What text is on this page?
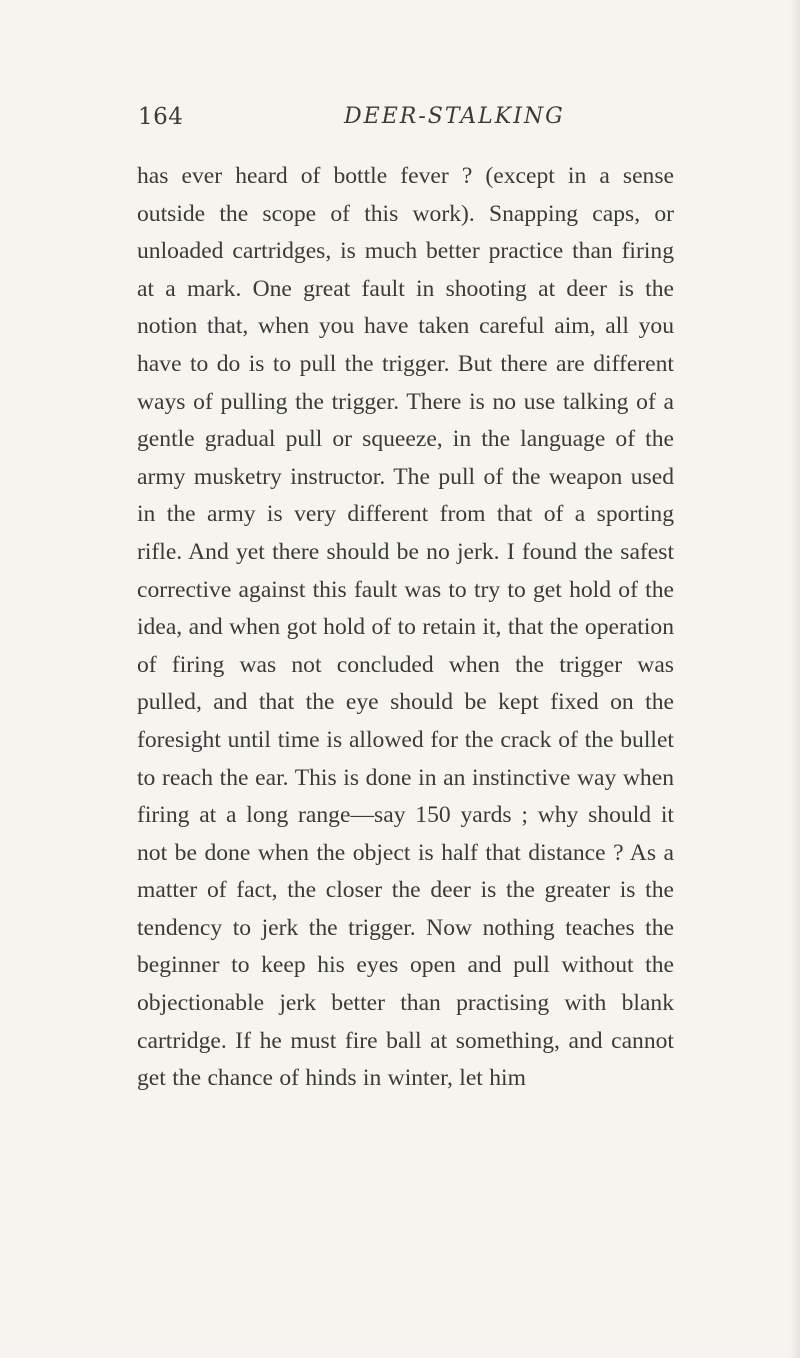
164	DEER-STALKING

has ever heard of bottle fever ? (except in a sense outside the scope of this work). Snapping caps, or unloaded cartridges, is much better practice than firing at a mark. One great fault in shooting at deer is the notion that, when you have taken careful aim, all you have to do is to pull the trigger. But there are different ways of pulling the trigger. There is no use talking of a gentle gradual pull or squeeze, in the language of the army musketry instructor. The pull of the weapon used in the army is very different from that of a sporting rifle. And yet there should be no jerk. I found the safest corrective against this fault was to try to get hold of the idea, and when got hold of to retain it, that the operation of firing was not concluded when the trigger was pulled, and that the eye should be kept fixed on the foresight until time is allowed for the crack of the bullet to reach the ear. This is done in an instinctive way when firing at a long range—say 150 yards ; why should it not be done when the object is half that distance ? As a matter of fact, the closer the deer is the greater is the tendency to jerk the trigger. Now nothing teaches the beginner to keep his eyes open and pull without the objectionable jerk better than practising with blank cartridge. If he must fire ball at something, and cannot get the chance of hinds in winter, let him
